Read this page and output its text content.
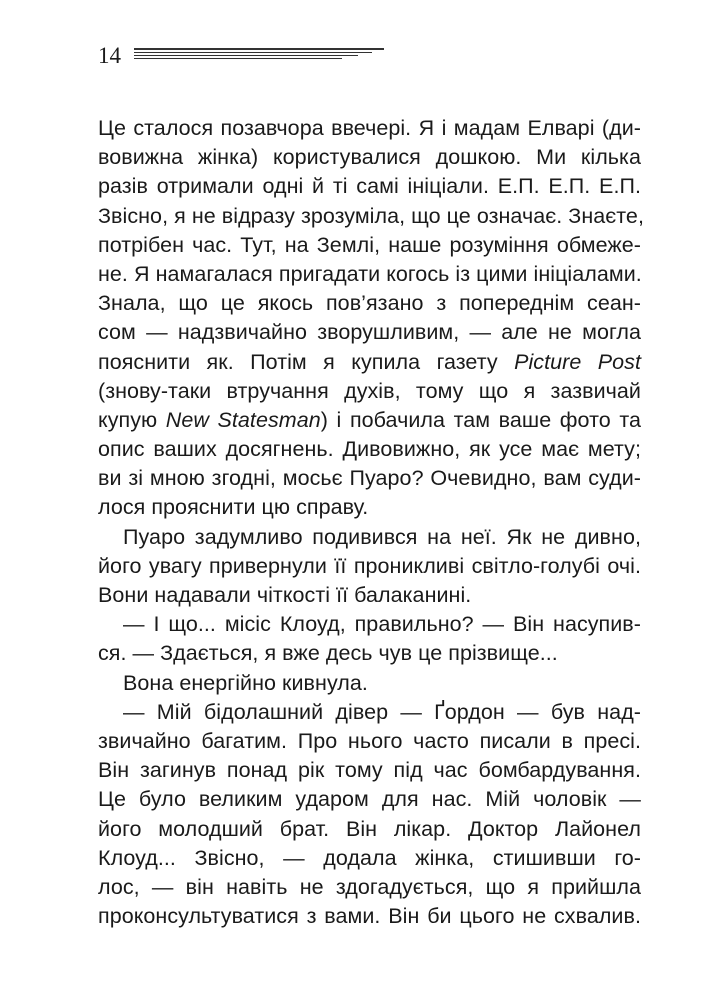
14
Це сталося позавчора ввечері. Я і мадам Елварі (ди-
вовижна жінка) користувалися дошкою. Ми кілька
разів отримали одні й ті самі ініціали. Е.П. Е.П. Е.П.
Звісно, я не відразу зрозуміла, що це означає. Знаєте,
потрібен час. Тут, на Землі, наше розуміння обмеже-
не. Я намагалася пригадати когось із цими ініціалами.
Знала, що це якось пов’язано з попереднім сеан-
сом — надзвичайно зворушливим, — але не могла
пояснити як. Потім я купила газету Picture Post
(знову-таки втручання духів, тому що я зазвичай
купую New Statesman) і побачила там ваше фото та
опис ваших досягнень. Дивовижно, як усе має мету;
ви зі мною згодні, мосьє Пуаро? Очевидно, вам суди-
лося прояснити цю справу.
Пуаро задумливо подивився на неї. Як не дивно,
його увагу привернули її проникливі світло-голубі очі.
Вони надавали чіткості її балаканині.
— І що... місіс Клоуд, правильно? — Він насупив-
ся. — Здається, я вже десь чув це прізвище...
Вона енергійно кивнула.
— Мій бідолашний дівер — Ґордон — був над-
звичайно багатим. Про нього часто писали в пресі.
Він загинув понад рік тому під час бомбардування.
Це було великим ударом для нас. Мій чоловік —
його молодший брат. Він лікар. Доктор Лайонел
Клоуд... Звісно, — додала жінка, стишивши го-
лос, — він навіть не здогадується, що я прийшла
проконсультуватися з вами. Він би цього не схвалив.
